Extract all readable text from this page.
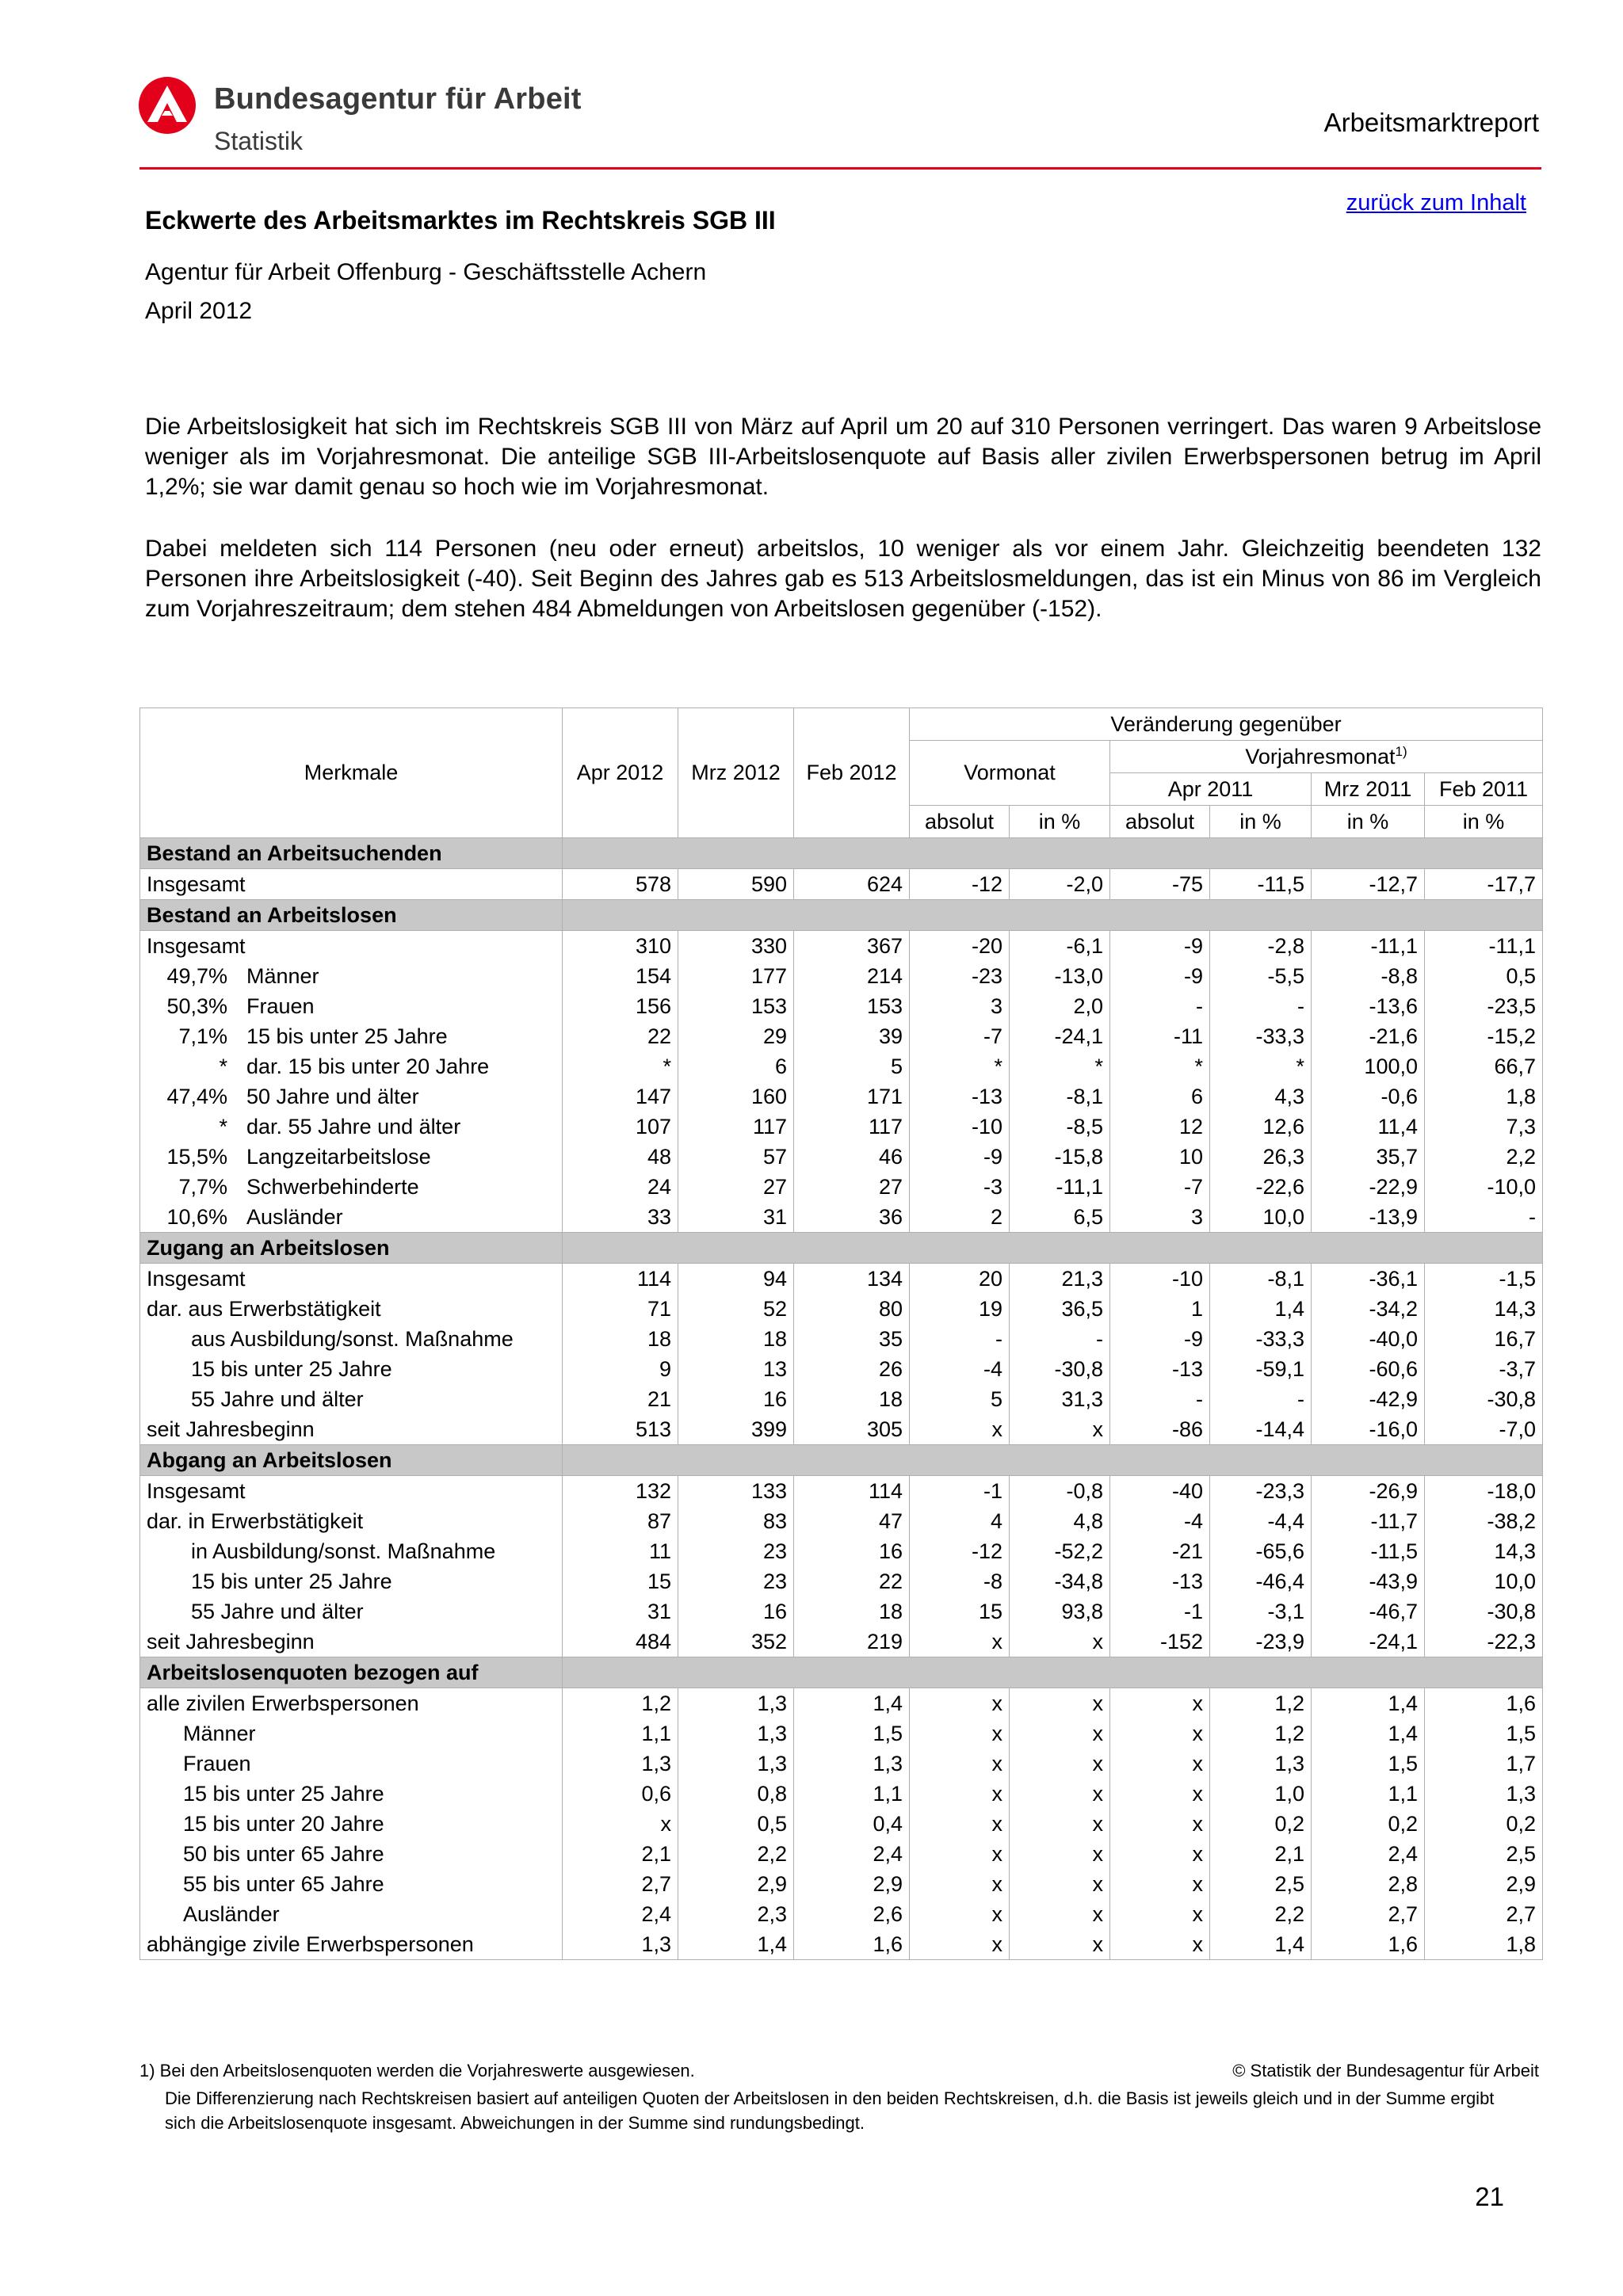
Bundesagentur für Arbeit
Statistik
Arbeitsmarktreport
zurück zum Inhalt
Eckwerte des Arbeitsmarktes im Rechtskreis SGB III
Agentur für Arbeit Offenburg - Geschäftsstelle Achern
April 2012
Die Arbeitslosigkeit hat sich im Rechtskreis SGB III von März auf April um 20 auf 310 Personen verringert. Das waren 9 Arbeitslose weniger als im Vorjahresmonat. Die anteilige SGB III-Arbeitslosenquote auf Basis aller zivilen Erwerbspersonen betrug im April 1,2%; sie war damit genau so hoch wie im Vorjahresmonat.
Dabei meldeten sich 114 Personen (neu oder erneut) arbeitslos, 10 weniger als vor einem Jahr. Gleichzeitig beendeten 132 Personen ihre Arbeitslosigkeit (-40). Seit Beginn des Jahres gab es 513 Arbeitslosmeldungen, das ist ein Minus von 86 im Vergleich zum Vorjahreszeitraum; dem stehen 484 Abmeldungen von Arbeitslosen gegenüber (-152).
Merkmale	Apr 2012	Mrz 2012	Feb 2012	Veränderung gegenüber					
				Vormonat		Vorjahresmonat$^{1)}$
						Apr 2011		Mrz 2011	Feb 2011
				absolut	in %	absolut	in %	in %	in %
Bestand an Arbeitsuchenden									
Insgesamt	578	590	624	-12	-2,0	-75	-11,5	-12,7	-17,7
Bestand an Arbeitslosen									
Insgesamt	310	330	367	-20	-6,1	-9	-2,8	-11,1	-11,1
49,7% Männer	154	177	214	-23	-13,0	-9	-5,5	-8,8	0,5
50,3% Frauen	156	153	153	3	2,0	-	-	-13,6	-23,5
7,1% 15 bis unter 25 Jahre	22	29	39	-7	-24,1	-11	-33,3	-21,6	-15,2
* dar. 15 bis unter 20 Jahre	*	6	5	*	*	*	*	100,0	66,7
47,4% 50 Jahre und älter	147	160	171	-13	-8,1	6	4,3	-0,6	1,8
* dar. 55 Jahre und älter	107	117	117	-10	-8,5	12	12,6	11,4	7,3
15,5% Langzeitarbeitslose	48	57	46	-9	-15,8	10	26,3	35,7	2,2
7,7% Schwerbehinderte	24	27	27	-3	-11,1	-7	-22,6	-22,9	-10,0
10,6% Ausländer	33	31	36	2	6,5	3	10,0	-13,9	-
Zugang an Arbeitslosen									
Insgesamt	114	94	134	20	21,3	-10	-8,1	-36,1	-1,5
dar. aus Erwerbstätigkeit	71	52	80	19	36,5	1	1,4	-34,2	14,3
aus Ausbildung/sonst. Maßnahme	18	18	35	-	-	-9	-33,3	-40,0	16,7
15 bis unter 25 Jahre	9	13	26	-4	-30,8	-13	-59,1	-60,6	-3,7
55 Jahre und älter	21	16	18	5	31,3	-	-	-42,9	-30,8
seit Jahresbeginn	513	399	305	x	x	-86	-14,4	-16,0	-7,0
Abgang an Arbeitslosen									
Insgesamt	132	133	114	-1	-0,8	-40	-23,3	-26,9	-18,0
dar. in Erwerbstätigkeit	87	83	47	4	4,8	-4	-4,4	-11,7	-38,2
in Ausbildung/sonst. Maßnahme	11	23	16	-12	-52,2	-21	-65,6	-11,5	14,3
15 bis unter 25 Jahre	15	23	22	-8	-34,8	-13	-46,4	-43,9	10,0
55 Jahre und älter	31	16	18	15	93,8	-1	-3,1	-46,7	-30,8
seit Jahresbeginn	484	352	219	x	x	-152	-23,9	-24,1	-22,3
Arbeitslosenquoten bezogen auf									
alle zivilen Erwerbspersonen	1,2	1,3	1,4	x	x	x	1,2	1,4	1,6
Männer	1,1	1,3	1,5	x	x	x	1,2	1,4	1,5
Frauen	1,3	1,3	1,3	x	x	x	1,3	1,5	1,7
15 bis unter 25 Jahre	0,6	0,8	1,1	x	x	x	1,0	1,1	1,3
15 bis unter 20 Jahre	x	0,5	0,4	x	x	x	0,2	0,2	0,2
50 bis unter 65 Jahre	2,1	2,2	2,4	x	x	x	2,1	2,4	2,5
55 bis unter 65 Jahre	2,7	2,9	2,9	x	x	x	2,5	2,8	2,9
Ausländer	2,4	2,3	2,6	x	x	x	2,2	2,7	2,7
abhängige zivile Erwerbspersonen	1,3	1,4	1,6	x	x	x	1,4	1,6	1,8
1) Bei den Arbeitslosenquoten werden die Vorjahreswerte ausgewiesen.	© Statistik der Bundesagentur für Arbeit
Die Differenzierung nach Rechtskreisen basiert auf anteiligen Quoten der Arbeitslosen in den beiden Rechtskreisen, d.h. die Basis ist jeweils gleich und in der Summe ergibt sich die Arbeitslosenquote insgesamt. Abweichungen in der Summe sind rundungsbedingt.
21
